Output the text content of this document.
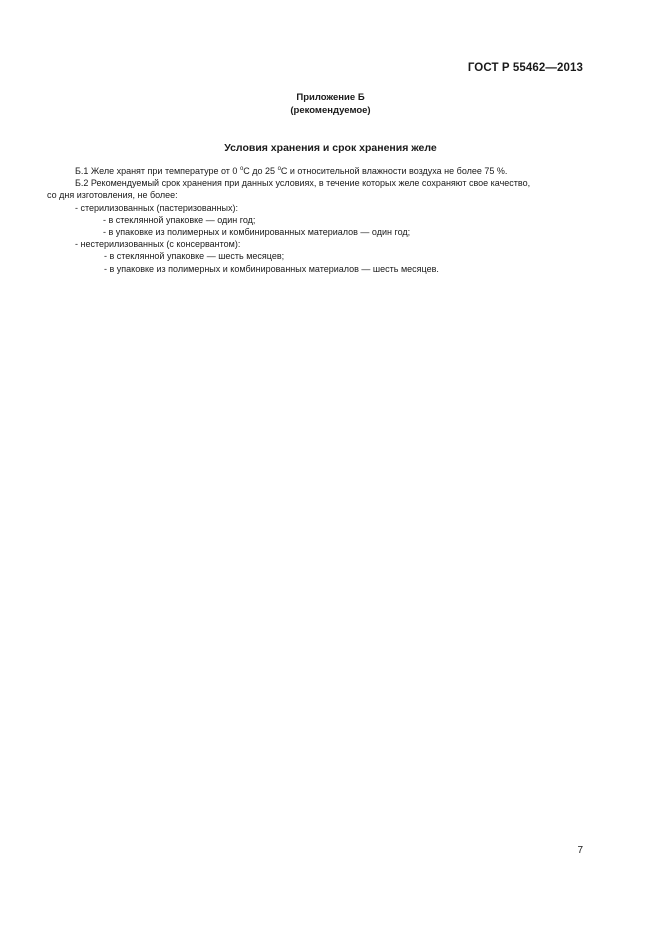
ГОСТ Р 55462—2013
Приложение Б
(рекомендуемое)
Условия хранения и срок хранения желе

Б.1 Желе хранят при температуре от 0 $^о$С до 25 $^о$С и относительной влажности воздуха не более 75 %.

Б.2 Рекомендуемый срок хранения при данных условиях, в течение которых желе сохраняют свое качество,

со дня изготовления, не более:

- стерилизованных (пастеризованных):

- в стеклянной упаковке — один год;

- в упаковке из полимерных и комбинированных материалов — один год;

- нестерилизованных (с консервантом):

- в стеклянной упаковке — шесть месяцев;

- в упаковке из полимерных и комбинированных материалов — шесть месяцев.

7
